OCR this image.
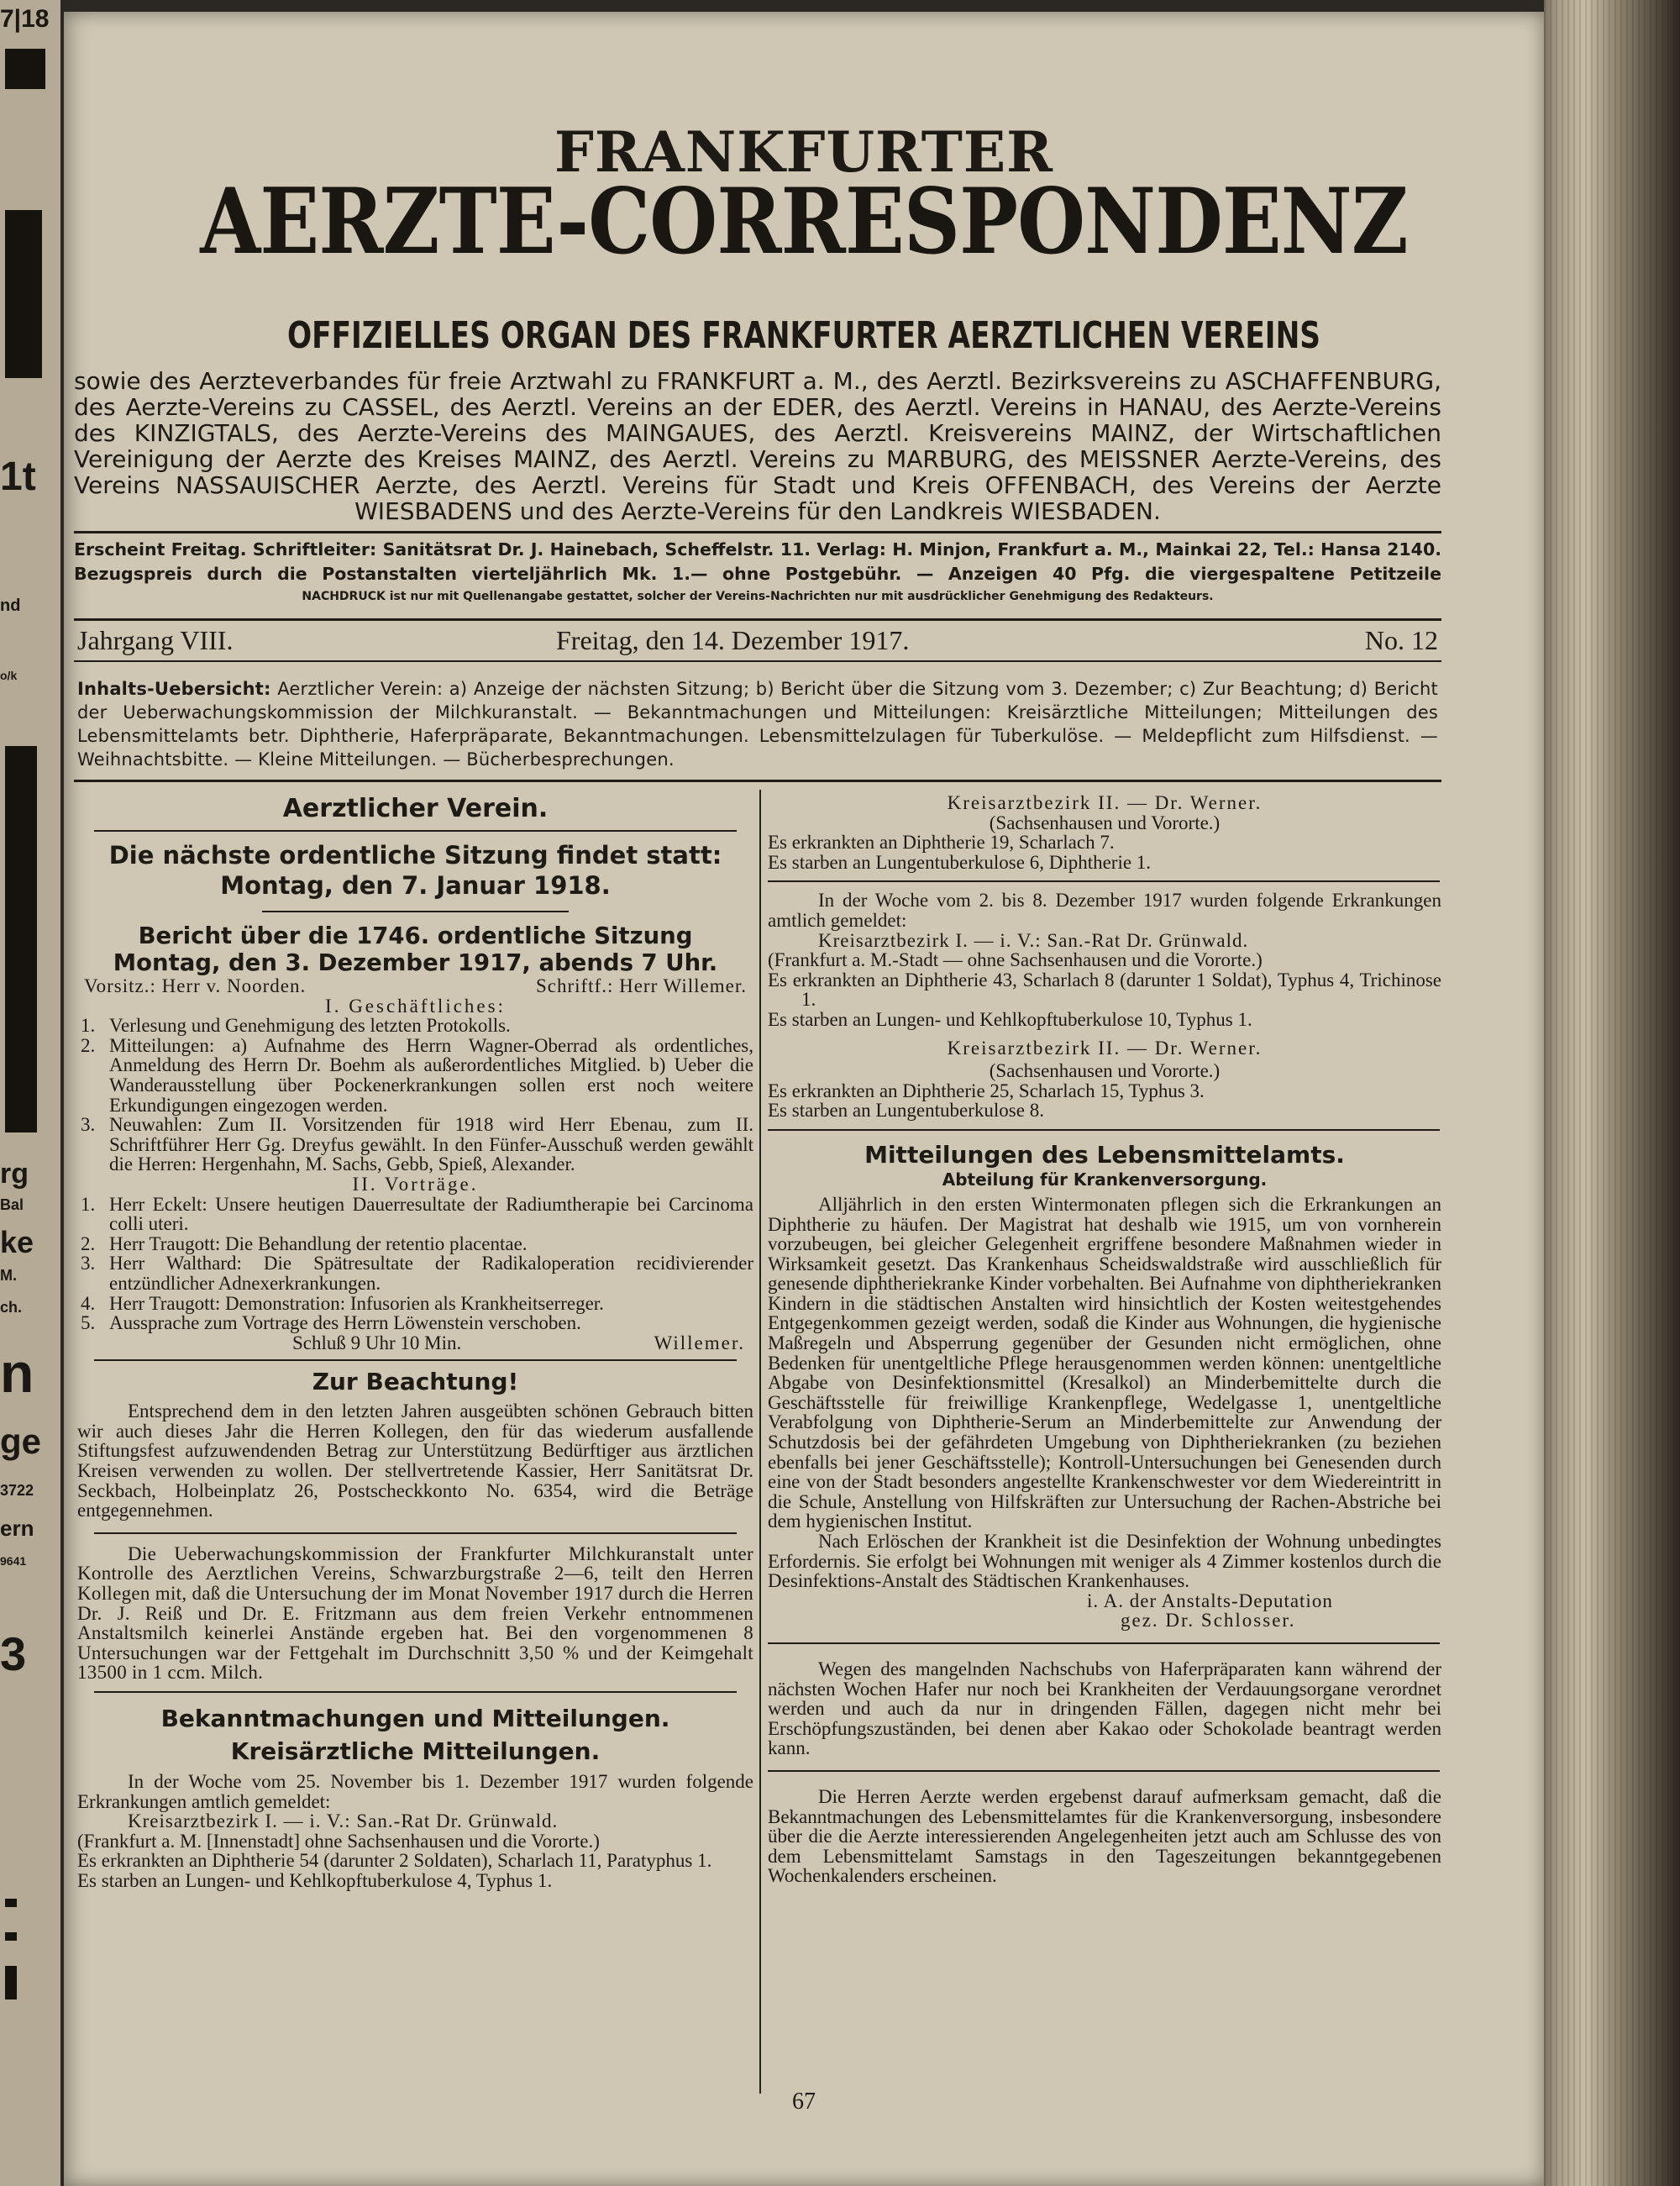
7|18
1t
nd
o/k
rg
Bal
ke
M.
ch.
n
ge
3722
ern
9641
3
FRANKFURTER
AERZTE-CORRESPONDENZ
OFFIZIELLES ORGAN DES FRANKFURTER AERZTLICHEN VEREINS
sowie des Aerzteverbandes für freie Arztwahl zu FRANKFURT a. M., des Aerztl. Bezirksvereins zu ASCHAFFENBURG, des Aerzte-Vereins zu CASSEL, des Aerztl. Vereins an der EDER, des Aerztl. Vereins in HANAU, des Aerzte-Vereins des KINZIGTALS, des Aerzte-Vereins des MAINGAUES, des Aerztl. Kreisvereins MAINZ, der Wirtschaftlichen Vereinigung der Aerzte des Kreises MAINZ, des Aerztl. Vereins zu MARBURG, des MEISSNER Aerzte-Vereins, des Vereins NASSAUISCHER Aerzte, des Aerztl. Vereins für Stadt und Kreis OFFENBACH, des Vereins der Aerzte WIESBADENS und des Aerzte-Vereins für den Landkreis WIESBADEN.
Erscheint Freitag. Schriftleiter: Sanitätsrat Dr. J. Hainebach, Scheffelstr. 11. Verlag: H. Minjon, Frankfurt a. M., Mainkai 22, Tel.: Hansa 2140.
Bezugspreis durch die Postanstalten vierteljährlich Mk. 1.— ohne Postgebühr. — Anzeigen 40 Pfg. die viergespaltene Petitzeile
NACHDRUCK ist nur mit Quellenangabe gestattet, solcher der Vereins-Nachrichten nur mit ausdrücklicher Genehmigung des Redakteurs.
Jahrgang VIII.	Freitag, den 14. Dezember 1917.	No. 12
Inhalts-Uebersicht: Aerztlicher Verein: a) Anzeige der nächsten Sitzung; b) Bericht über die Sitzung vom 3. Dezember; c) Zur Beachtung; d) Bericht der Ueberwachungskommission der Milchkuranstalt. — Bekanntmachungen und Mitteilungen: Kreisärztliche Mitteilungen; Mitteilungen des Lebensmittelamts betr. Diphtherie, Haferpräparate, Bekanntmachungen. Lebensmittelzulagen für Tuberkulöse. — Meldepflicht zum Hilfsdienst. — Weihnachtsbitte. — Kleine Mitteilungen. — Bücherbesprechungen.

Aerztlicher Verein.

Die nächste ordentliche Sitzung findet statt:

Montag, den 7. Januar 1918.

Bericht über die 1746. ordentliche Sitzung

Montag, den 3. Dezember 1917, abends 7 Uhr.

Vorsitz.: Herr v. Noorden.	Schriftf.: Herr Willemer.

I. Geschäftliches:

1. Verlesung und Genehmigung des letzten Protokolls.
2. Mitteilungen: a) Aufnahme des Herrn Wagner-Oberrad als ordentliches, Anmeldung des Herrn Dr. Boehm als außerordentliches Mitglied. b) Ueber die Wanderausstellung über Pockenerkrankungen sollen erst noch weitere Erkundigungen eingezogen werden.
3. Neuwahlen: Zum II. Vorsitzenden für 1918 wird Herr Ebenau, zum II. Schriftführer Herr Gg. Dreyfus gewählt. In den Fünfer-Ausschuß werden gewählt die Herren: Hergenhahn, M. Sachs, Gebb, Spieß, Alexander.

II. Vorträge.

1. Herr Eckelt: Unsere heutigen Dauerresultate der Radiumtherapie bei Carcinoma colli uteri.
2. Herr Traugott: Die Behandlung der retentio placentae.
3. Herr Walthard: Die Spätresultate der Radikaloperation recidivierender entzündlicher Adnexerkrankungen.
4. Herr Traugott: Demonstration: Infusorien als Krankheitserreger.
5. Aussprache zum Vortrage des Herrn Löwenstein verschoben.

Schluß 9 Uhr 10 Min.	Willemer.

Zur Beachtung!

Entsprechend dem in den letzten Jahren ausgeübten schönen Gebrauch bitten wir auch dieses Jahr die Herren Kollegen, den für das wiederum ausfallende Stiftungsfest aufzuwendenden Betrag zur Unterstützung Bedürftiger aus ärztlichen Kreisen verwenden zu wollen. Der stellvertretende Kassier, Herr Sanitätsrat Dr. Seckbach, Holbeinplatz 26, Postscheckkonto No. 6354, wird die Beträge entgegennehmen.

Die Ueberwachungskommission der Frankfurter Milchkuranstalt unter Kontrolle des Aerztlichen Vereins, Schwarzburgstraße 2—6, teilt den Herren Kollegen mit, daß die Untersuchung der im Monat November 1917 durch die Herren Dr. J. Reiß und Dr. E. Fritzmann aus dem freien Verkehr entnommenen Anstaltsmilch keinerlei Anstände ergeben hat. Bei den vorgenommenen 8 Untersuchungen war der Fettgehalt im Durchschnitt 3,50 % und der Keimgehalt 13500 in 1 ccm. Milch.

Bekanntmachungen und Mitteilungen.

Kreisärztliche Mitteilungen.

In der Woche vom 25. November bis 1. Dezember 1917 wurden folgende Erkrankungen amtlich gemeldet:

Kreisarztbezirk I. — i. V.: San.-Rat Dr. Grünwald.

(Frankfurt a. M. [Innenstadt] ohne Sachsenhausen und die Vororte.)

Es erkrankten an Diphtherie 54 (darunter 2 Soldaten), Scharlach 11, Paratyphus 1.

Es starben an Lungen- und Kehlkopftuberkulose 4, Typhus 1.

Kreisarztbezirk II. — Dr. Werner.

(Sachsenhausen und Vororte.)

Es erkrankten an Diphtherie 19, Scharlach 7.

Es starben an Lungentuberkulose 6, Diphtherie 1.

In der Woche vom 2. bis 8. Dezember 1917 wurden folgende Erkrankungen amtlich gemeldet:

Kreisarztbezirk I. — i. V.: San.-Rat Dr. Grünwald.

(Frankfurt a. M.-Stadt — ohne Sachsenhausen und die Vororte.)

Es erkrankten an Diphtherie 43, Scharlach 8 (darunter 1 Soldat), Typhus 4, Trichinose 1.

Es starben an Lungen- und Kehlkopftuberkulose 10, Typhus 1.

Kreisarztbezirk II. — Dr. Werner.

(Sachsenhausen und Vororte.)

Es erkrankten an Diphtherie 25, Scharlach 15, Typhus 3.

Es starben an Lungentuberkulose 8.

Mitteilungen des Lebensmittelamts.

Abteilung für Krankenversorgung.

Alljährlich in den ersten Wintermonaten pflegen sich die Erkrankungen an Diphtherie zu häufen. Der Magistrat hat deshalb wie 1915, um von vornherein vorzubeugen, bei gleicher Gelegenheit ergriffene besondere Maßnahmen wieder in Wirksamkeit gesetzt. Das Krankenhaus Scheidswaldstraße wird ausschließlich für genesende diphtheriekranke Kinder vorbehalten. Bei Aufnahme von diphtheriekranken Kindern in die städtischen Anstalten wird hinsichtlich der Kosten weitestgehendes Entgegenkommen gezeigt werden, sodaß die Kinder aus Wohnungen, die hygienische Maßregeln und Absperrung gegenüber der Gesunden nicht ermöglichen, ohne Bedenken für unentgeltliche Pflege herausgenommen werden können: unentgeltliche Abgabe von Desinfektionsmittel (Kresalkol) an Minderbemittelte durch die Geschäftsstelle für freiwillige Krankenpflege, Wedelgasse 1, unentgeltliche Verabfolgung von Diphtherie-Serum an Minderbemittelte zur Anwendung der Schutzdosis bei der gefährdeten Umgebung von Diphtheriekranken (zu beziehen ebenfalls bei jener Geschäftsstelle); Kontroll-Untersuchungen bei Genesenden durch eine von der Stadt besonders angestellte Krankenschwester vor dem Wiedereintritt in die Schule, Anstellung von Hilfskräften zur Untersuchung der Rachen-Abstriche bei dem hygienischen Institut.

Nach Erlöschen der Krankheit ist die Desinfektion der Wohnung unbedingtes Erfordernis. Sie erfolgt bei Wohnungen mit weniger als 4 Zimmer kostenlos durch die Desinfektions-Anstalt des Städtischen Krankenhauses.

i. A. der Anstalts-Deputation

gez. Dr. Schlosser.

Wegen des mangelnden Nachschubs von Haferpräparaten kann während der nächsten Wochen Hafer nur noch bei Krankheiten der Verdauungsorgane verordnet werden und auch da nur in dringenden Fällen, dagegen nicht mehr bei Erschöpfungszuständen, bei denen aber Kakao oder Schokolade beantragt werden kann.

Die Herren Aerzte werden ergebenst darauf aufmerksam gemacht, daß die Bekanntmachungen des Lebensmittelamtes für die Krankenversorgung, insbesondere über die die Aerzte interessierenden Angelegenheiten jetzt auch am Schlusse des von dem Lebensmittelamt Samstags in den Tageszeitungen bekanntgegebenen Wochenkalenders erscheinen.

67
